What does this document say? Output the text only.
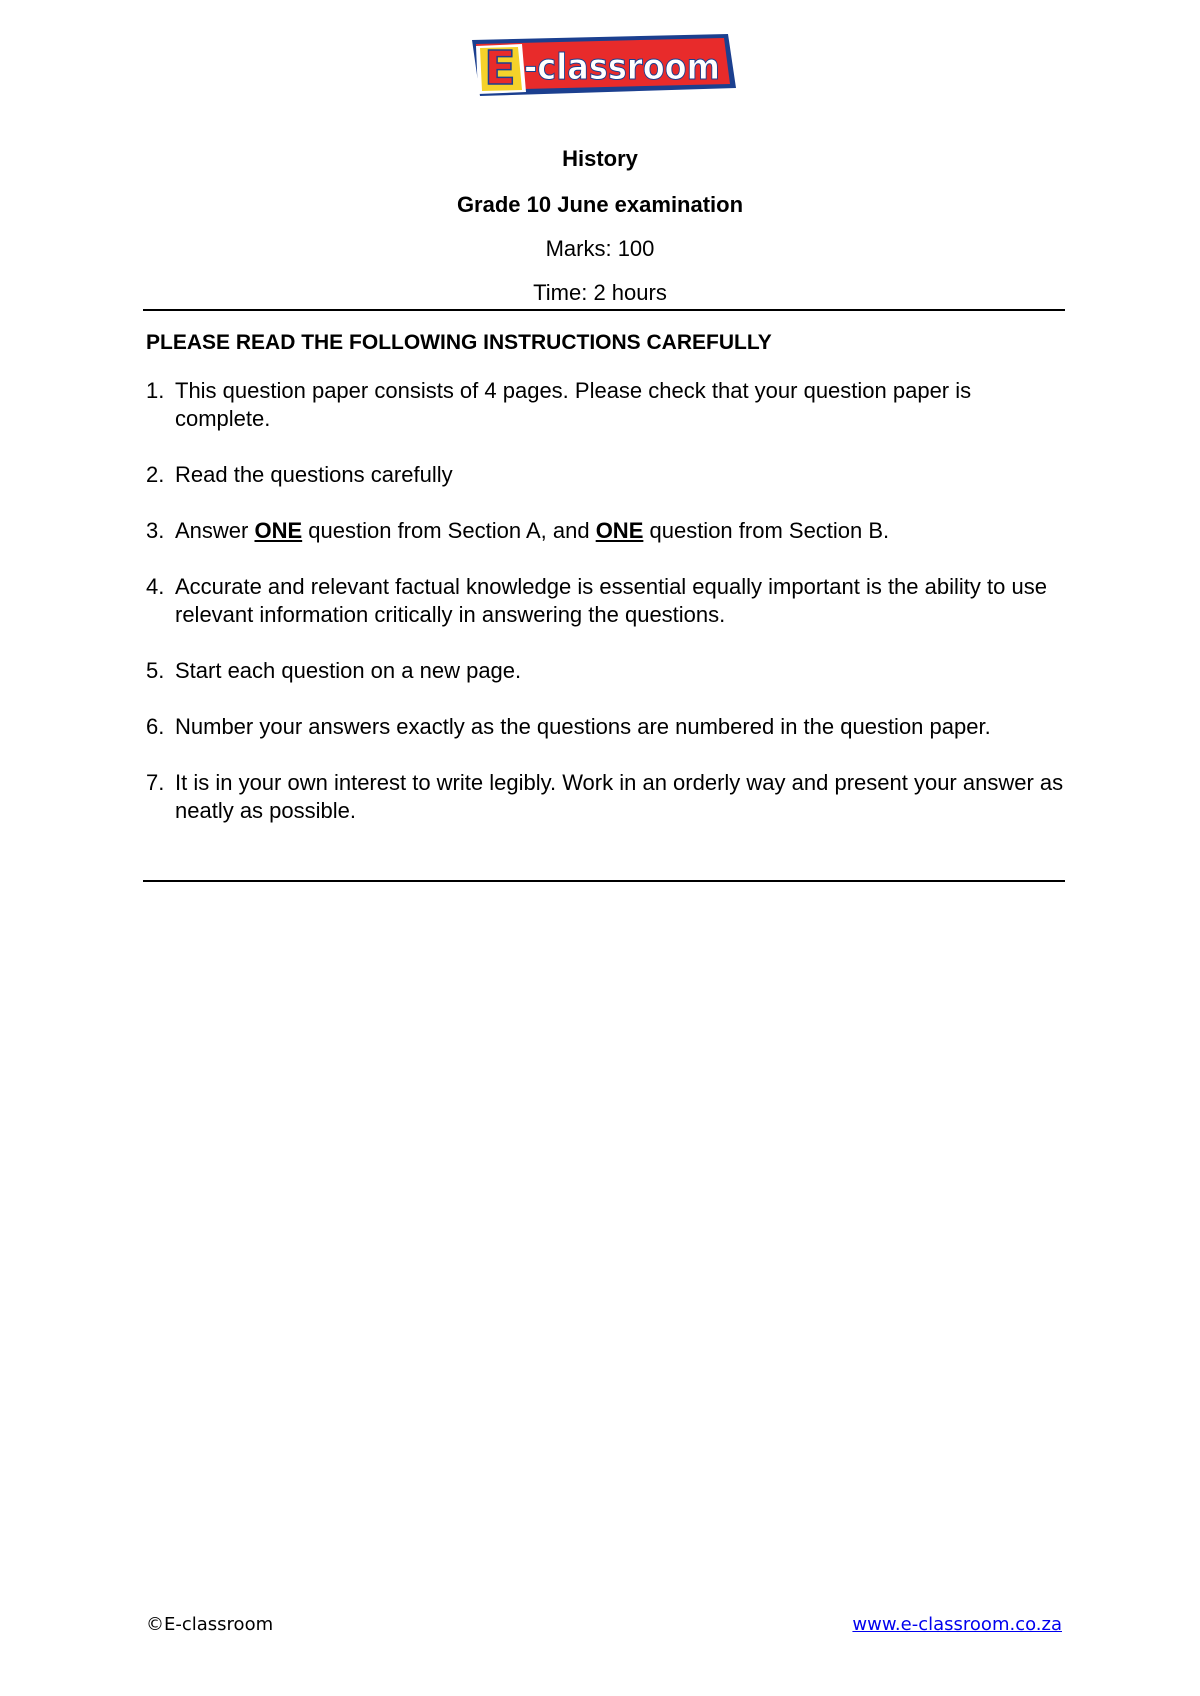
E -classroom
History
Grade 10 June examination
Marks: 100
Time: 2 hours
PLEASE READ THE FOLLOWING INSTRUCTIONS CAREFULLY
1. This question paper consists of 4 pages. Please check that your question paper is complete.
2. Read the questions carefully
3. Answer ONE question from Section A, and ONE question from Section B.
4. Accurate and relevant factual knowledge is essential equally important is the ability to use relevant information critically in answering the questions.
5. Start each question on a new page.
6. Number your answers exactly as the questions are numbered in the question paper.
7. It is in your own interest to write legibly. Work in an orderly way and present your answer as neatly as possible.
©E-classroom	www.e-classroom.co.za
